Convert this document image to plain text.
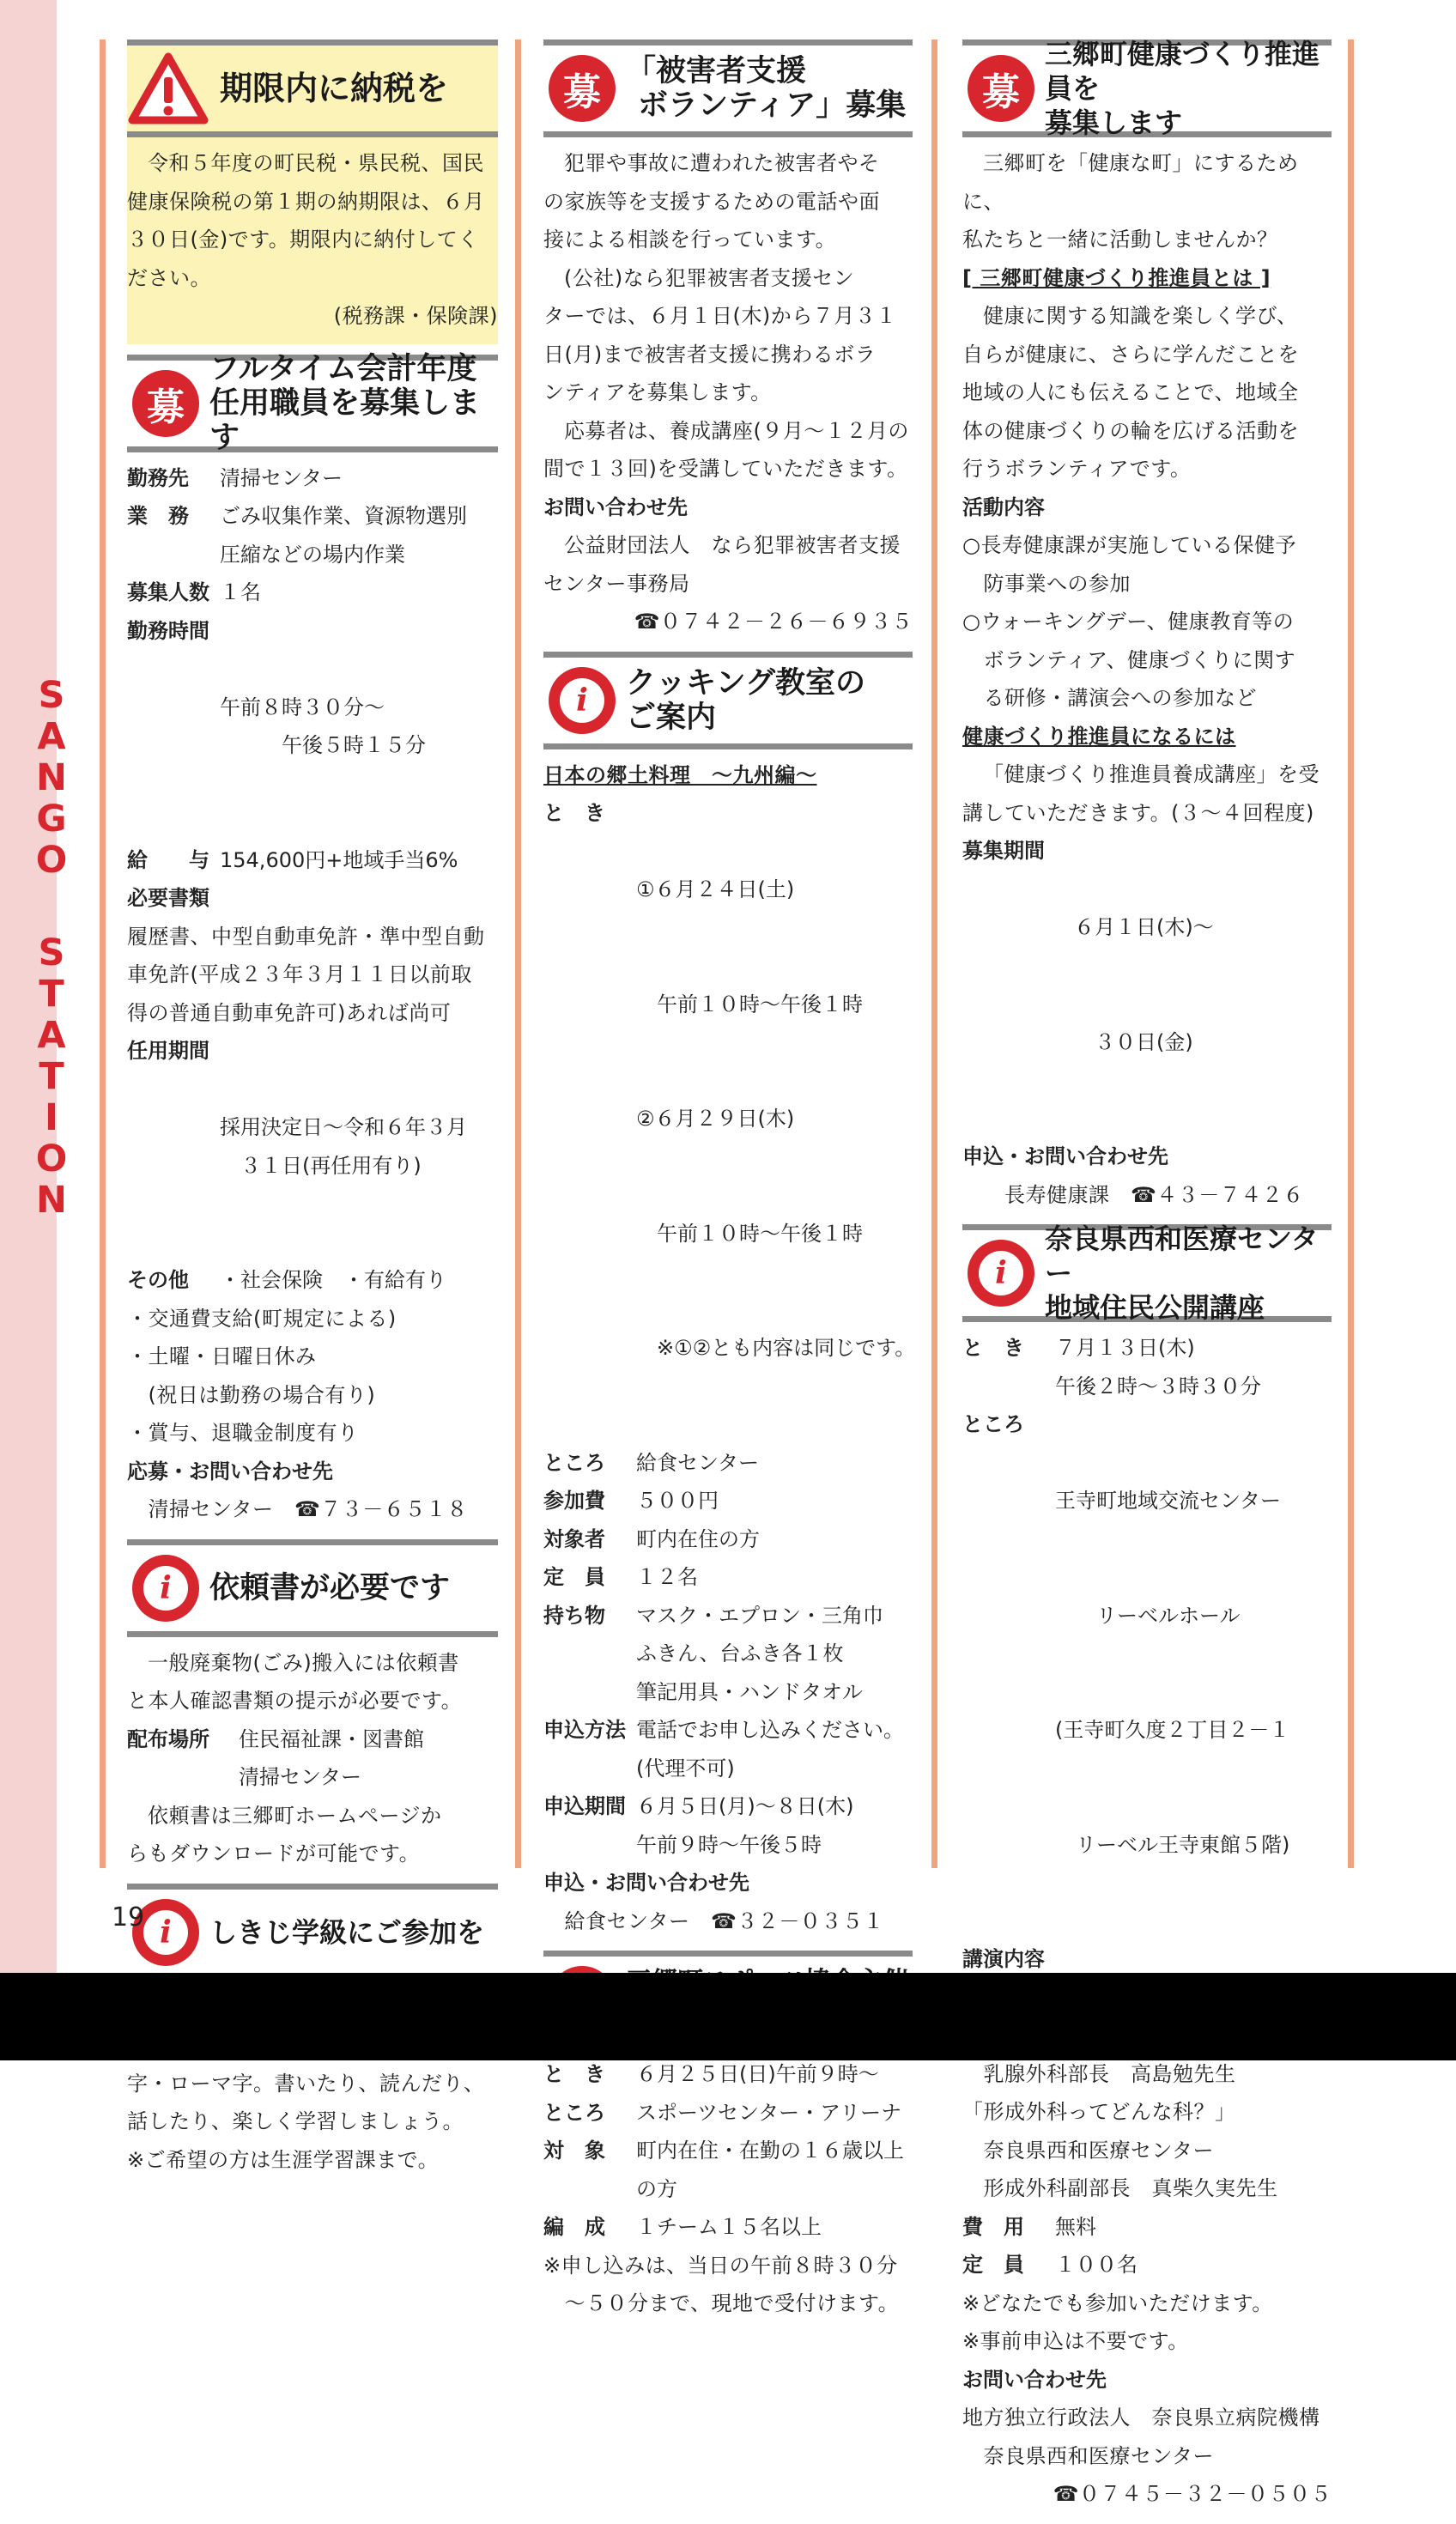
S
A
N
G
O
S
T
A
T
I
O
N
期限内に納税を
令和５年度の町民税・県民税、国民
健康保険税の第１期の納期限は、６月
３０日(金)です。期限内に納付してく
ださい。
(税務課・保険課)
募
フルタイム会計年度
任用職員を募集します
勤務先	清掃センター
業　務	ごみ収集作業、資源物選別
圧縮などの場内作業
募集人数 １名
勤務時間

午前８時３０分～
　　　午後５時１５分

給　　与 154,600円+地域手当6%
必要書類
履歴書、中型自動車免許・準中型自動
車免許(平成２３年３月１１日以前取
得の普通自動車免許可)あれば尚可
任用期間

採用決定日～令和６年３月
　３１日(再任用有り)

その他	・社会保険　・有給有り
・交通費支給(町規定による)
・土曜・日曜日休み
　(祝日は勤務の場合有り)
・賞与、退職金制度有り
応募・お問い合わせ先
　清掃センター　☎７３－６５１８
i	依頼書が必要です
一般廃棄物(ごみ)搬入には依頼書
と本人確認書類の提示が必要です。
配布場所	住民福祉課・図書館
清掃センター
依頼書は三郷町ホームページか
らもダウンロードが可能です。
i	しきじ学級にご参加を
字・ローマ字。書いたり、読んだり、
話したり、楽しく学習しましょう。
※ご希望の方は生涯学習課まで。
募 「被害者支援
ボランティア」募集
犯罪や事故に遭われた被害者やそ
の家族等を支援するための電話や面
接による相談を行っています。
(公社)なら犯罪被害者支援セン
ターでは、６月１日(木)から７月３１
日(月)まで被害者支援に携わるボラ
ンティアを募集します。
応募者は、養成講座(９月～１２月の
間で１３回)を受講していただきます。
お問い合わせ先
公益財団法人　なら犯罪被害者支援
センター事務局
☎０７４２－２６－６９３５
i	クッキング教室の
ご案内
日本の郷土料理　～九州編～
と　き

①６月２４日(土)

　午前１０時～午後１時

②６月２９日(木)

　午前１０時～午後１時

　※①②とも内容は同じです。

ところ	給食センター
参加費	５００円
対象者	町内在住の方
定　員	１２名
持ち物	マスク・エプロン・三角巾
ふきん、台ふき各１枚
筆記用具・ハンドタオル
申込方法 電話でお申し込みください。
(代理不可)
申込期間 ６月５日(月)～８日(木)
午前９時～午後５時
申込・お問い合わせ先
　給食センター　☎３２－０３５１
と　き	６月２５日(日)午前９時～
ところ	スポーツセンター・アリーナ
対　象	町内在住・在勤の１６歳以上
の方
編　成	１チーム１５名以上
※申し込みは、当日の午前８時３０分
　～５０分まで、現地で受付けます。
募
三郷町健康づくり推進員を
募集します
三郷町を「健康な町」にするために、
私たちと一緒に活動しませんか？
[ 三郷町健康づくり推進員とは ]
健康に関する知識を楽しく学び、
自らが健康に、さらに学んだことを
地域の人にも伝えることで、地域全
体の健康づくりの輪を広げる活動を
行うボランティアです。
活動内容
○長寿健康課が実施している保健予
　防事業への参加
○ウォーキングデー、健康教育等の
　ボランティア、健康づくりに関す
　る研修・講演会への参加など
健康づくり推進員になるには
「健康づくり推進員養成講座」を受
講していただきます。(３～４回程度)
募集期間

６月１日(木)～

　３０日(金)

申込・お問い合わせ先
　　長寿健康課　☎４３－７４２６
i
奈良県西和医療センター
地域住民公開講座
と　き	７月１３日(木)
午後２時～３時３０分
ところ

王寺町地域交流センター

　　リーベルホール

(王寺町久度２丁目２－１

　リーベル王寺東館５階)

講演内容
　乳腺外科部長　高島勉先生
「形成外科ってどんな科？」
　奈良県西和医療センター
　形成外科副部長　真柴久実先生
費　用	無料
定　員	１００名
※どなたでも参加いただけます。
※事前申込は不要です。
お問い合わせ先
地方独立行政法人　奈良県立病院機構
　奈良県西和医療センター
☎０７４５－３２－０５０５
19
